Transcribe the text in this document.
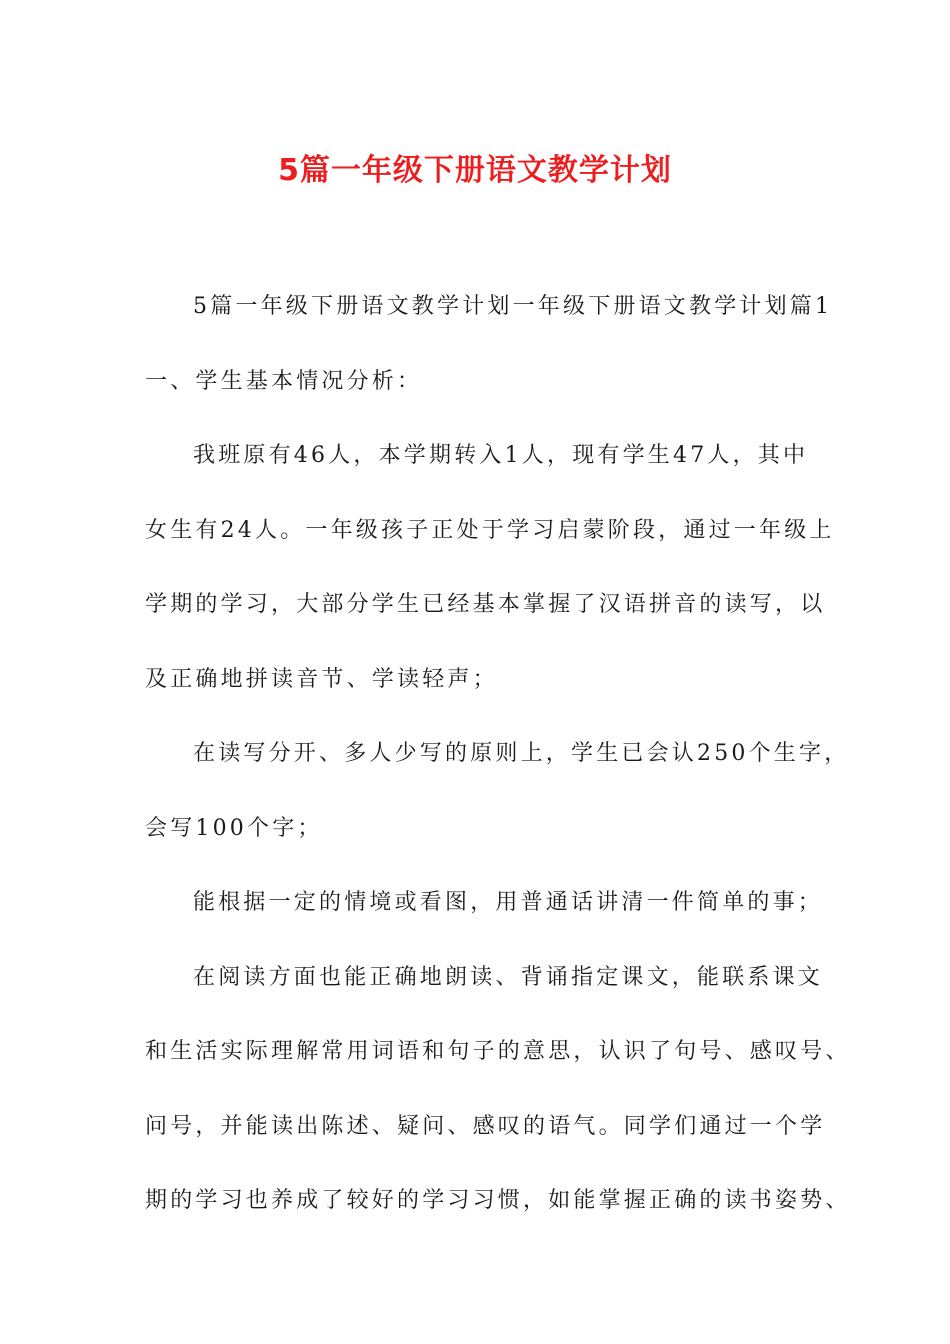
5篇一年级下册语文教学计划

5篇一年级下册语文教学计划一年级下册语文教学计划篇1

一、学生基本情况分析：

我班原有46人，本学期转入1人，现有学生47人，其中

女生有24人。一年级孩子正处于学习启蒙阶段，通过一年级上

学期的学习，大部分学生已经基本掌握了汉语拼音的读写，以

及正确地拼读音节、学读轻声；

在读写分开、多人少写的原则上，学生已会认250个生字，

会写100个字；

能根据一定的情境或看图，用普通话讲清一件简单的事；

在阅读方面也能正确地朗读、背诵指定课文，能联系课文

和生活实际理解常用词语和句子的意思，认识了句号、感叹号、

问号，并能读出陈述、疑问、感叹的语气。同学们通过一个学

期的学习也养成了较好的学习习惯，如能掌握正确的读书姿势、
